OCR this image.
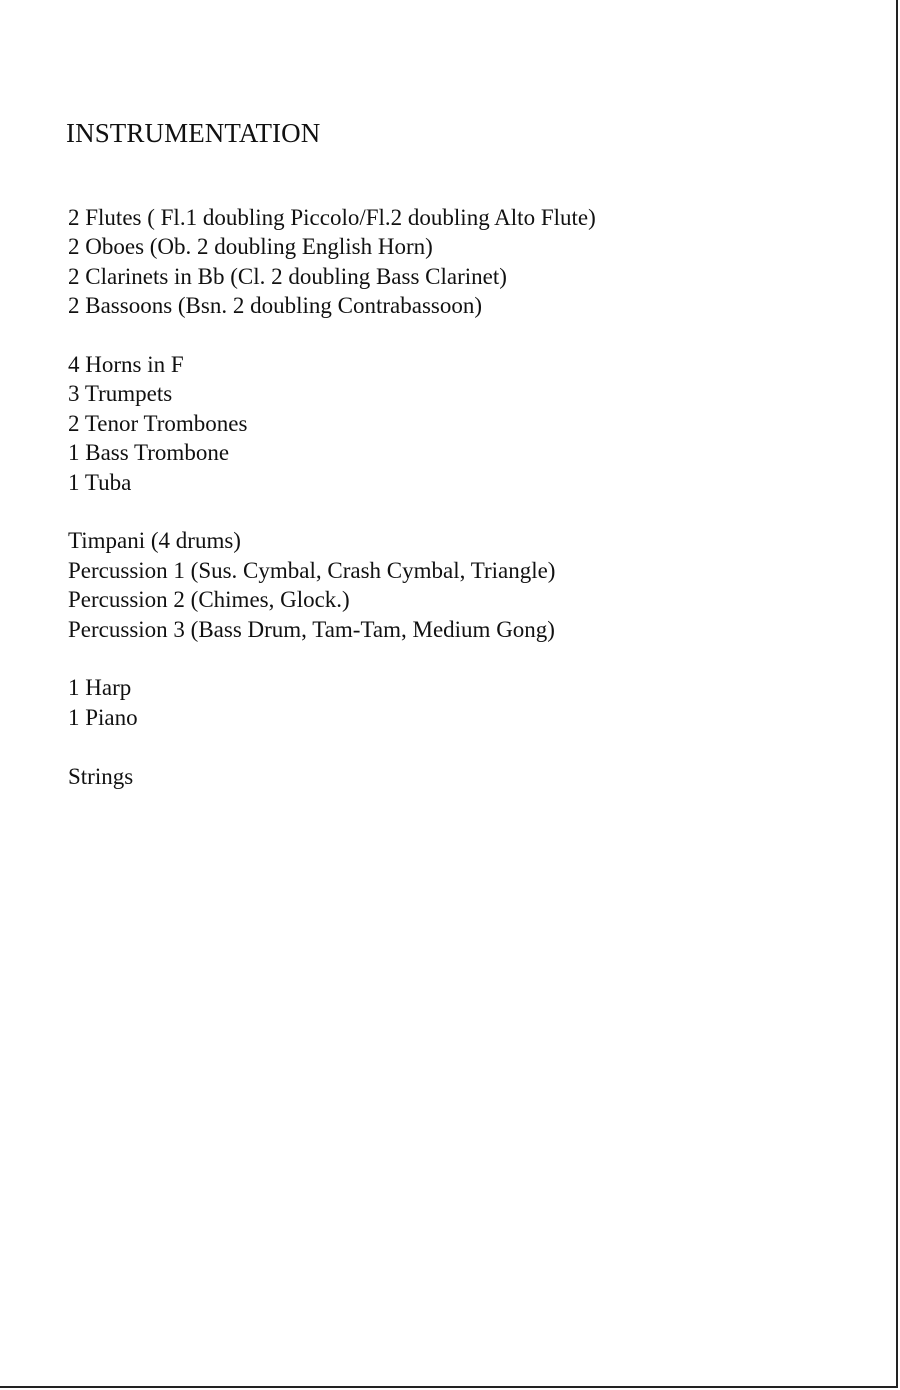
INSTRUMENTATION
2 Flutes ( Fl.1 doubling Piccolo/Fl.2 doubling Alto Flute)
2 Oboes (Ob. 2 doubling English Horn)
2 Clarinets in Bb (Cl. 2 doubling Bass Clarinet)
2 Bassoons (Bsn. 2 doubling Contrabassoon)
4 Horns in F
3 Trumpets
2 Tenor Trombones
1 Bass Trombone
1 Tuba
Timpani (4 drums)
Percussion 1 (Sus. Cymbal, Crash Cymbal, Triangle)
Percussion 2 (Chimes, Glock.)
Percussion 3 (Bass Drum, Tam-Tam, Medium Gong)
1 Harp
1 Piano
Strings
